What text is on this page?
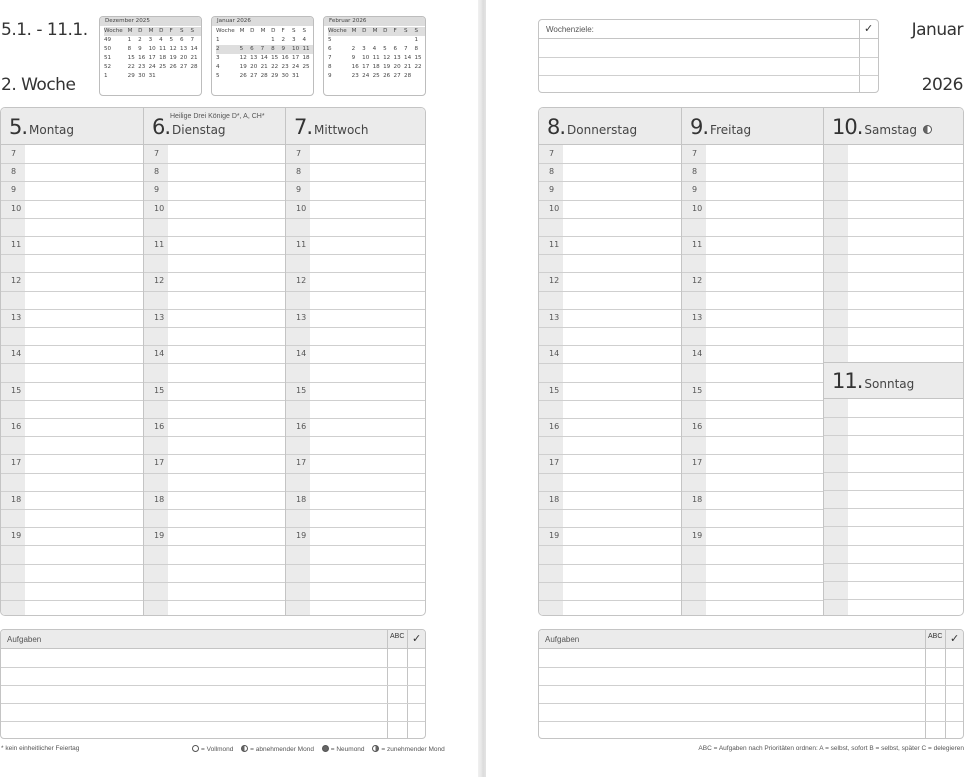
5.1. - 11.1.
2. Woche
Dezember 2025
Woche	M	D	M	D	F	S	S
49	1	2	3	4	5	6	7
50	8	9	10	11	12	13	14
51	15	16	17	18	19	20	21
52	22	23	24	25	26	27	28
1	29	30	31				
Januar 2026
Woche	M	D	M	D	F	S	S
1				1	2	3	4
2	5	6	7	8	9	10	11
3	12	13	14	15	16	17	18
4	19	20	21	22	23	24	25
5	26	27	28	29	30	31	
Februar 2026
Woche	M	D	M	D	F	S	S
5							1
6	2	3	4	5	6	7	8
7	9	10	11	12	13	14	15
8	16	17	18	19	20	21	22
9	23	24	25	26	27	28	
5. Montag
7
8
9
10
11
12
13
14
15
16
17
18
19
6. Dienstag
Heilige Drei Könige D*, A, CH*
7
8
9
10
11
12
13
14
15
16
17
18
19
7. Mittwoch
7
8
9
10
11
12
13
14
15
16
17
18
19
Aufgaben	ABC ✓
* kein einheitlicher Feiertag	= Vollmond	= abnehmender Mond	= Neumond	= zunehmender Mond
Wochenziele:	✓ Januar
2026
8. Donnerstag
7
8
9
10
11
12
13
14
15
16
17
18
19
9. Freitag
7
8
9
10
11
12
13
14
15
16
17
18
19
10. Samstag
11. Sonntag
Aufgaben	ABC ✓
ABC = Aufgaben nach Prioritäten ordnen: A = selbst, sofort B = selbst, später C = delegieren
